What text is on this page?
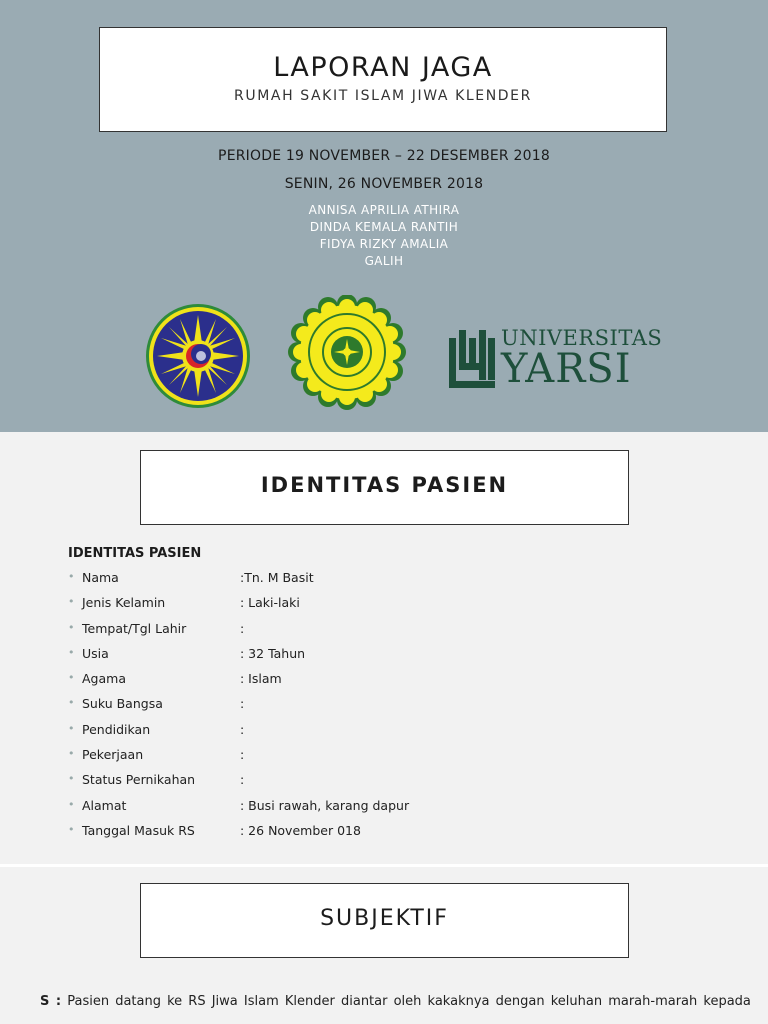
LAPORAN JAGA
RUMAH SAKIT ISLAM JIWA KLENDER
PERIODE 19 NOVEMBER – 22 DESEMBER 2018
SENIN, 26 NOVEMBER 2018
ANNISA APRILIA ATHIRA
DINDA KEMALA RANTIH
FIDYA RIZKY AMALIA
GALIH
UNIVERSITAS
YARSI
IDENTITAS PASIEN
IDENTITAS PASIEN
• Nama	:Tn. M Basit
• Jenis Kelamin	: Laki-laki
• Tempat/Tgl Lahir	:
• Usia	: 32 Tahun
• Agama	: Islam
• Suku Bangsa	:
• Pendidikan	:
• Pekerjaan	:
• Status Pernikahan	:
• Alamat	: Busi rawah, karang dapur
• Tanggal Masuk RS	: 26 November 018
SUBJEKTIF
S : Pasien datang ke RS Jiwa Islam Klender diantar oleh kakaknya dengan keluhan marah-marah kepada
